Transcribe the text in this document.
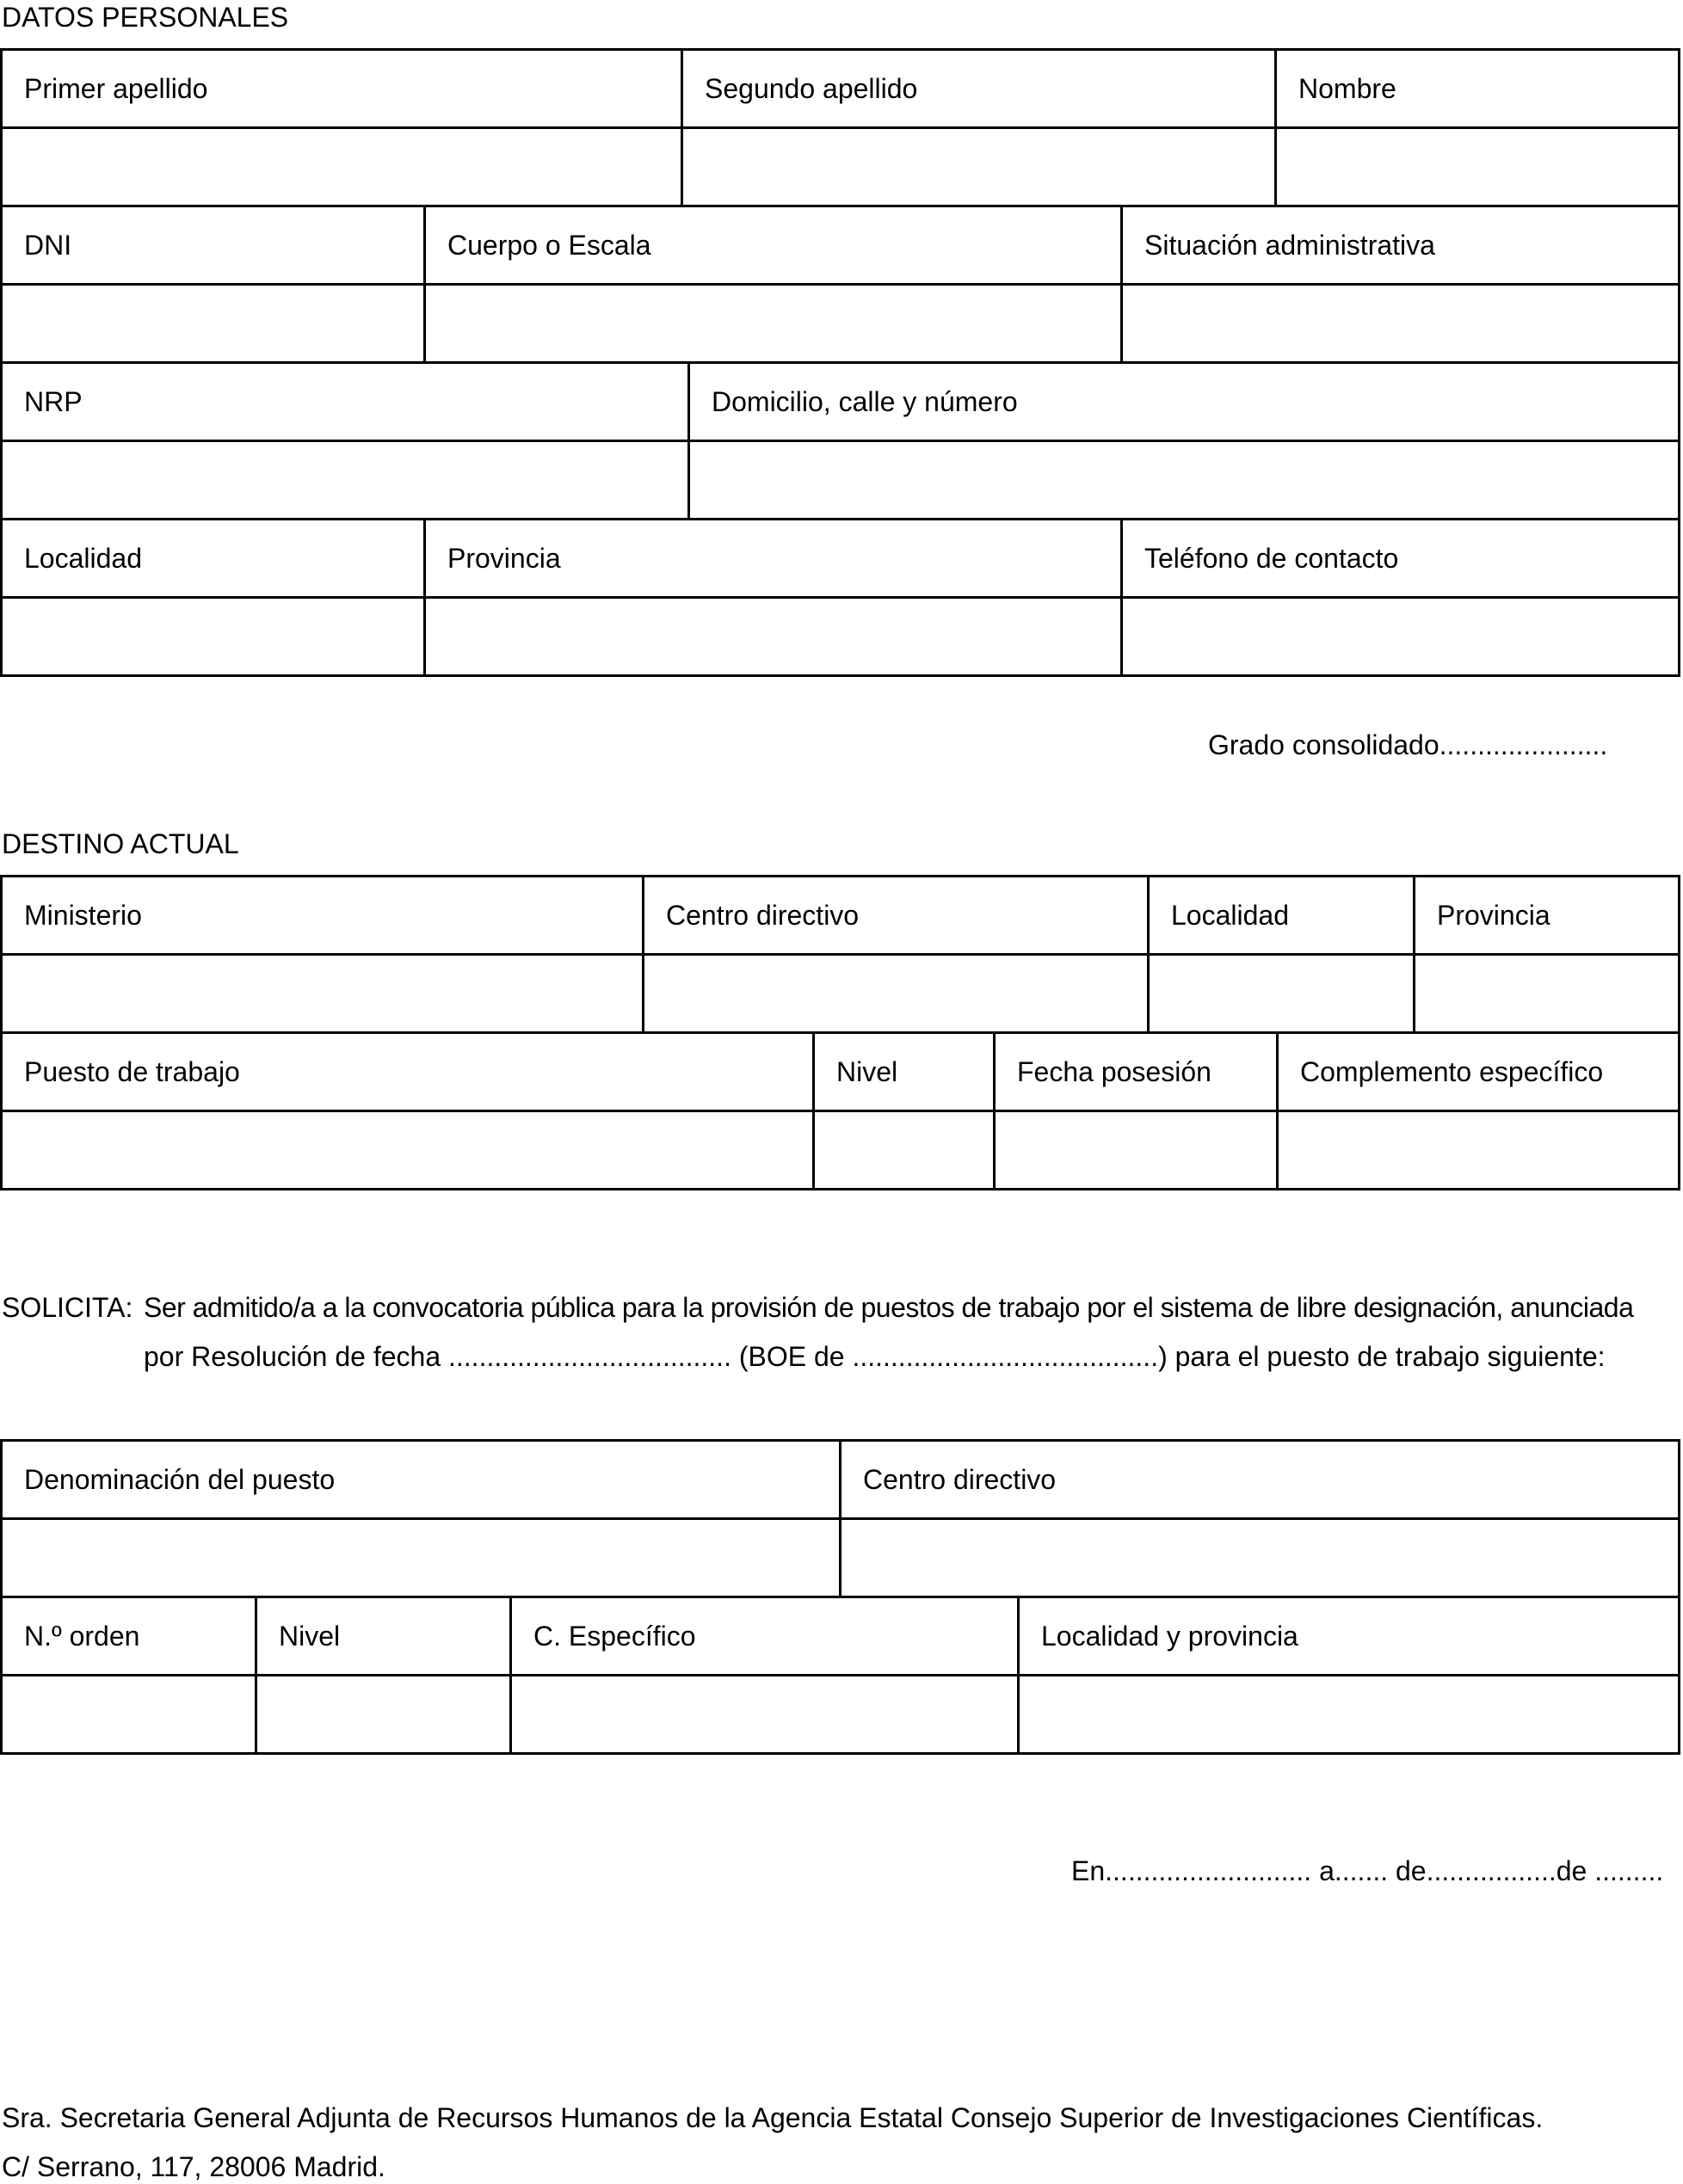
DATOS PERSONALES
Primer apellido	Segundo apellido	Nombre
DNI	Cuerpo o Escala	Situación administrativa
NRP	Domicilio, calle y número
Localidad	Provincia	Teléfono de contacto
Grado consolidado......................
DESTINO ACTUAL
Ministerio	Centro directivo	Localidad	Provincia
Puesto de trabajo	Nivel	Fecha posesión	Complemento específico
SOLICITA: Ser admitido/a a la convocatoria pública para la provisión de puestos de trabajo por el sistema de libre designación, anunciada
por Resolución de fecha ..................................... (BOE de ........................................) para el puesto de trabajo siguiente:
Denominación del puesto	Centro directivo
N.º orden	Nivel	C. Específico	Localidad y provincia
En........................... a....... de.................de .........
Sra. Secretaria General Adjunta de Recursos Humanos de la Agencia Estatal Consejo Superior de Investigaciones Científicas.
C/ Serrano, 117, 28006 Madrid.
